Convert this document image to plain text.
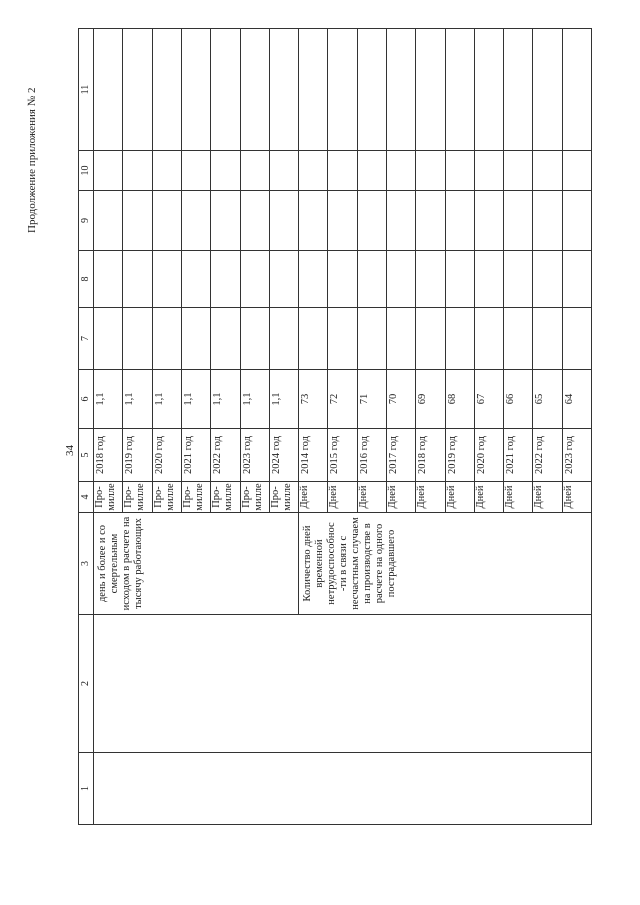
34
Продолжение приложения № 2
1	2	3	4	5	6	7	8	9	10	11
		день и более и со смертельным исходом в расчете на тысячу работающих	Про- милле	2018 год	1,1					
			Про- милле	2019 год	1,1					
			Про- милле	2020 год	1,1					
			Про- милле	2021 год	1,1					
			Про- милле	2022 год	1,1					
			Про- милле	2023 год	1,1					
			Про- милле	2024 год	1,1					
		Количество дней временной нетрудоспособнос -ти в связи с несчастным случаем на производстве в расчете на одного пострадавшего	Дней	2014 год	73					
			Дней	2015 год	72					
			Дней	2016 год	71					
			Дней	2017 год	70					
			Дней	2018 год	69					
			Дней	2019 год	68					
			Дней	2020 год	67					
			Дней	2021 год	66					
			Дней	2022 год	65					
			Дней	2023 год	64					
